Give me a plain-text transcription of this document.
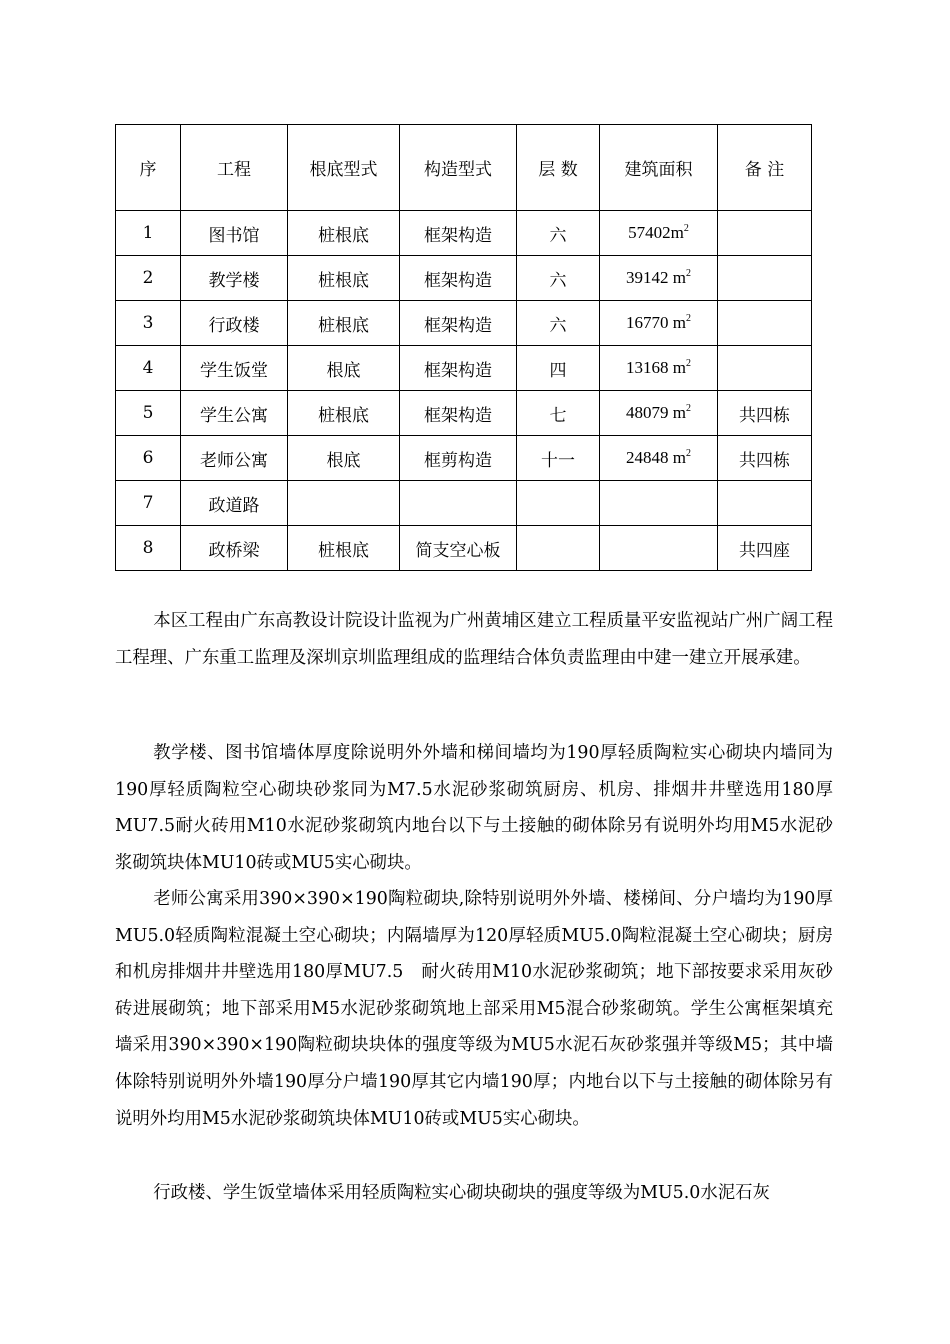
序	工程	根底型式	构造型式	层 数	建筑面积	备 注
1	图书馆	桩根底	框架构造	六	$57402m^2$	
2	教学楼	桩根底	框架构造	六	39142 $m^2$	
3	行政楼	桩根底	框架构造	六	16770 $m^2$	
4	学生饭堂	根底	框架构造	四	13168 $m^2$	
5	学生公寓	桩根底	框架构造	七	48079 $m^2$	共四栋
6	老师公寓	根底	框剪构造	十一	24848 $m^2$	共四栋
7	政道路					
8	政桥梁	桩根底	简支空心板			共四座

本区工程由广东高教设计院设计监视为广州黄埔区建立工程质量平安监视站广州广阔工程工程理、广东重工监理及深圳京圳监理组成的监理结合体负责监理由中建一建立开展承建。

教学楼、图书馆墙体厚度除说明外外墙和梯间墙均为190厚轻质陶粒实心砌块内墙同为190厚轻质陶粒空心砌块砂浆同为M7.5水泥砂浆砌筑厨房、机房、排烟井井壁选用180厚MU7.5耐火砖用M10水泥砂浆砌筑内地台以下与土接触的砌体除另有说明外均用M5水泥砂浆砌筑块体MU10砖或MU5实心砌块。

老师公寓采用390×390×190陶粒砌块,除特别说明外外墙、楼梯间、分户墙均为190厚MU5.0轻质陶粒混凝土空心砌块；内隔墙厚为120厚轻质MU5.0陶粒混凝土空心砌块；厨房和机房排烟井井壁选用180厚MU7.5　耐火砖用M10水泥砂浆砌筑；地下部按要求采用灰砂砖进展砌筑；地下部采用M5水泥砂浆砌筑地上部采用M5混合砂浆砌筑。学生公寓框架填充墙采用390×390×190陶粒砌块块体的强度等级为MU5水泥石灰砂浆强并等级M5；其中墙体除特别说明外外墙190厚分户墙190厚其它内墙190厚；内地台以下与土接触的砌体除另有说明外均用M5水泥砂浆砌筑块体MU10砖或MU5实心砌块。

行政楼、学生饭堂墙体采用轻质陶粒实心砌块砌块的强度等级为MU5.0水泥石灰
